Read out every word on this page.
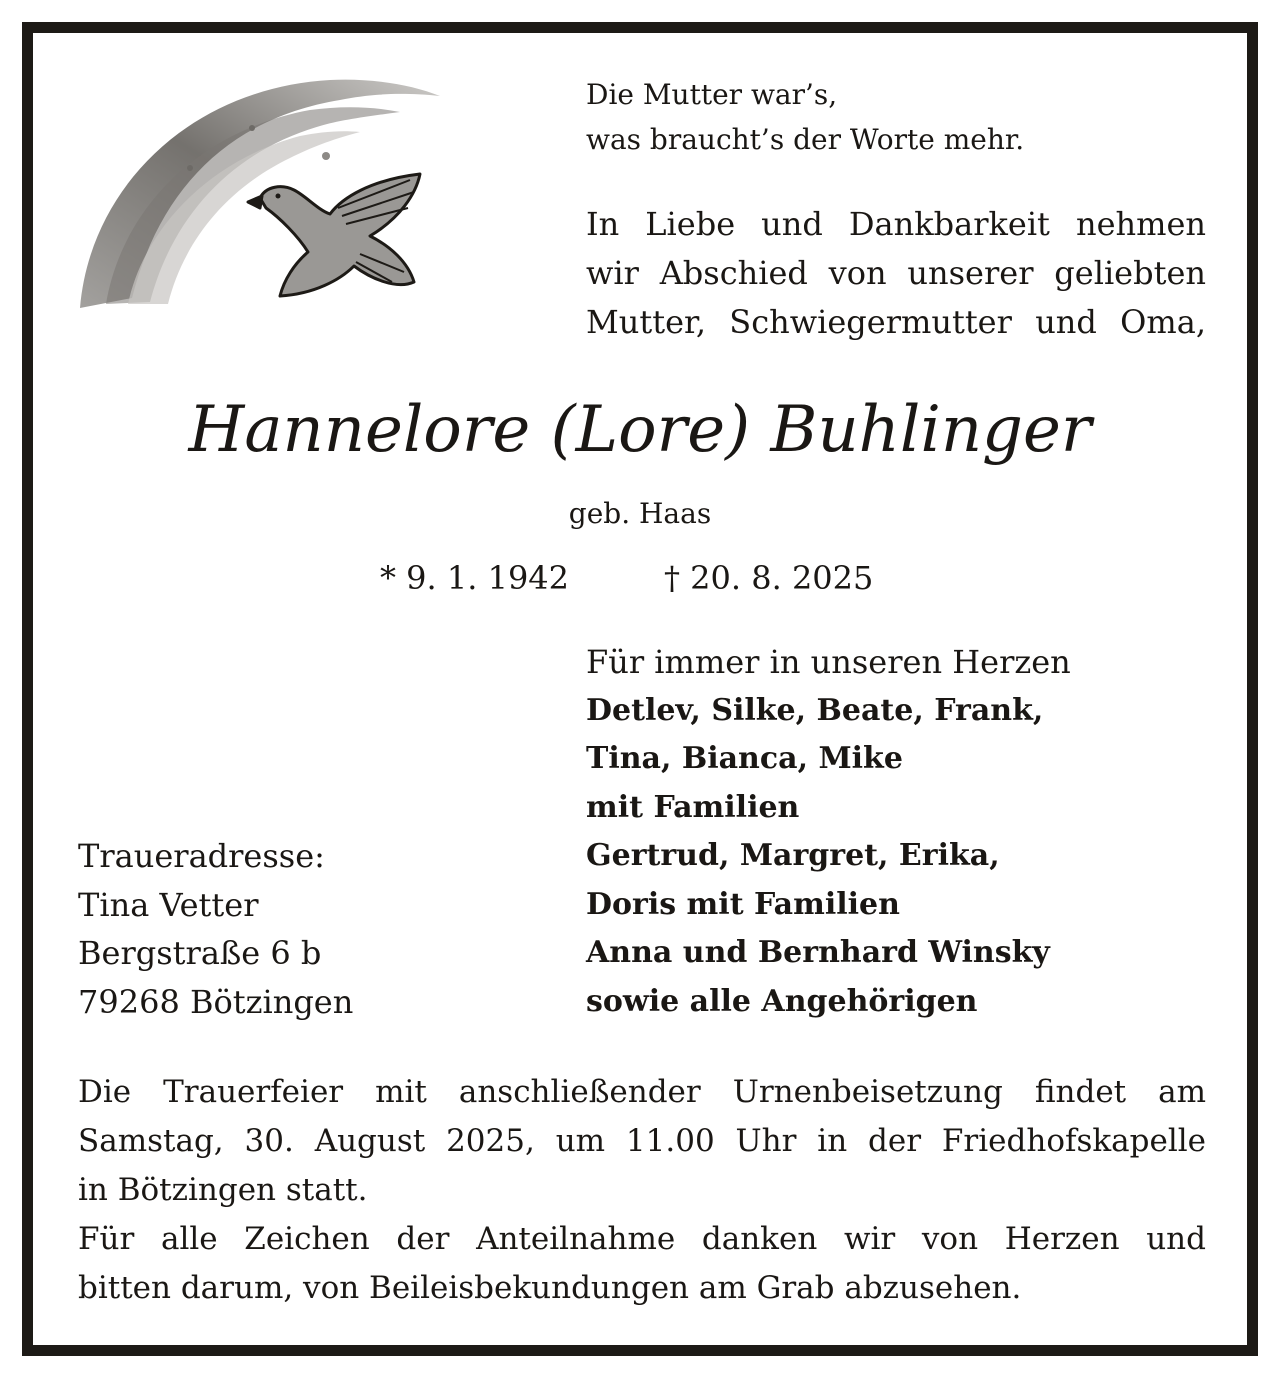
Die Mutter war’s,
was braucht’s der Worte mehr.
In Liebe und Dankbarkeit nehmen
wir Abschied von unserer geliebten
Mutter, Schwiegermutter und Oma,
Hannelore (Lore) Buhlinger
geb. Haas
* 9. 1. 1942	† 20. 8. 2025
Für immer in unseren Herzen
Detlev, Silke, Beate, Frank,
Tina, Bianca, Mike
mit Familien
Gertrud, Margret, Erika,
Doris mit Familien
Anna und Bernhard Winsky
sowie alle Angehörigen
Traueradresse:
Tina Vetter
Bergstraße 6 b
79268 Bötzingen
Die Trauerfeier mit anschließender Urnenbeisetzung findet am
Samstag, 30. August 2025, um 11.00 Uhr in der Friedhofskapelle
in Bötzingen statt.
Für alle Zeichen der Anteilnahme danken wir von Herzen und
bitten darum, von Beileisbekundungen am Grab abzusehen.
